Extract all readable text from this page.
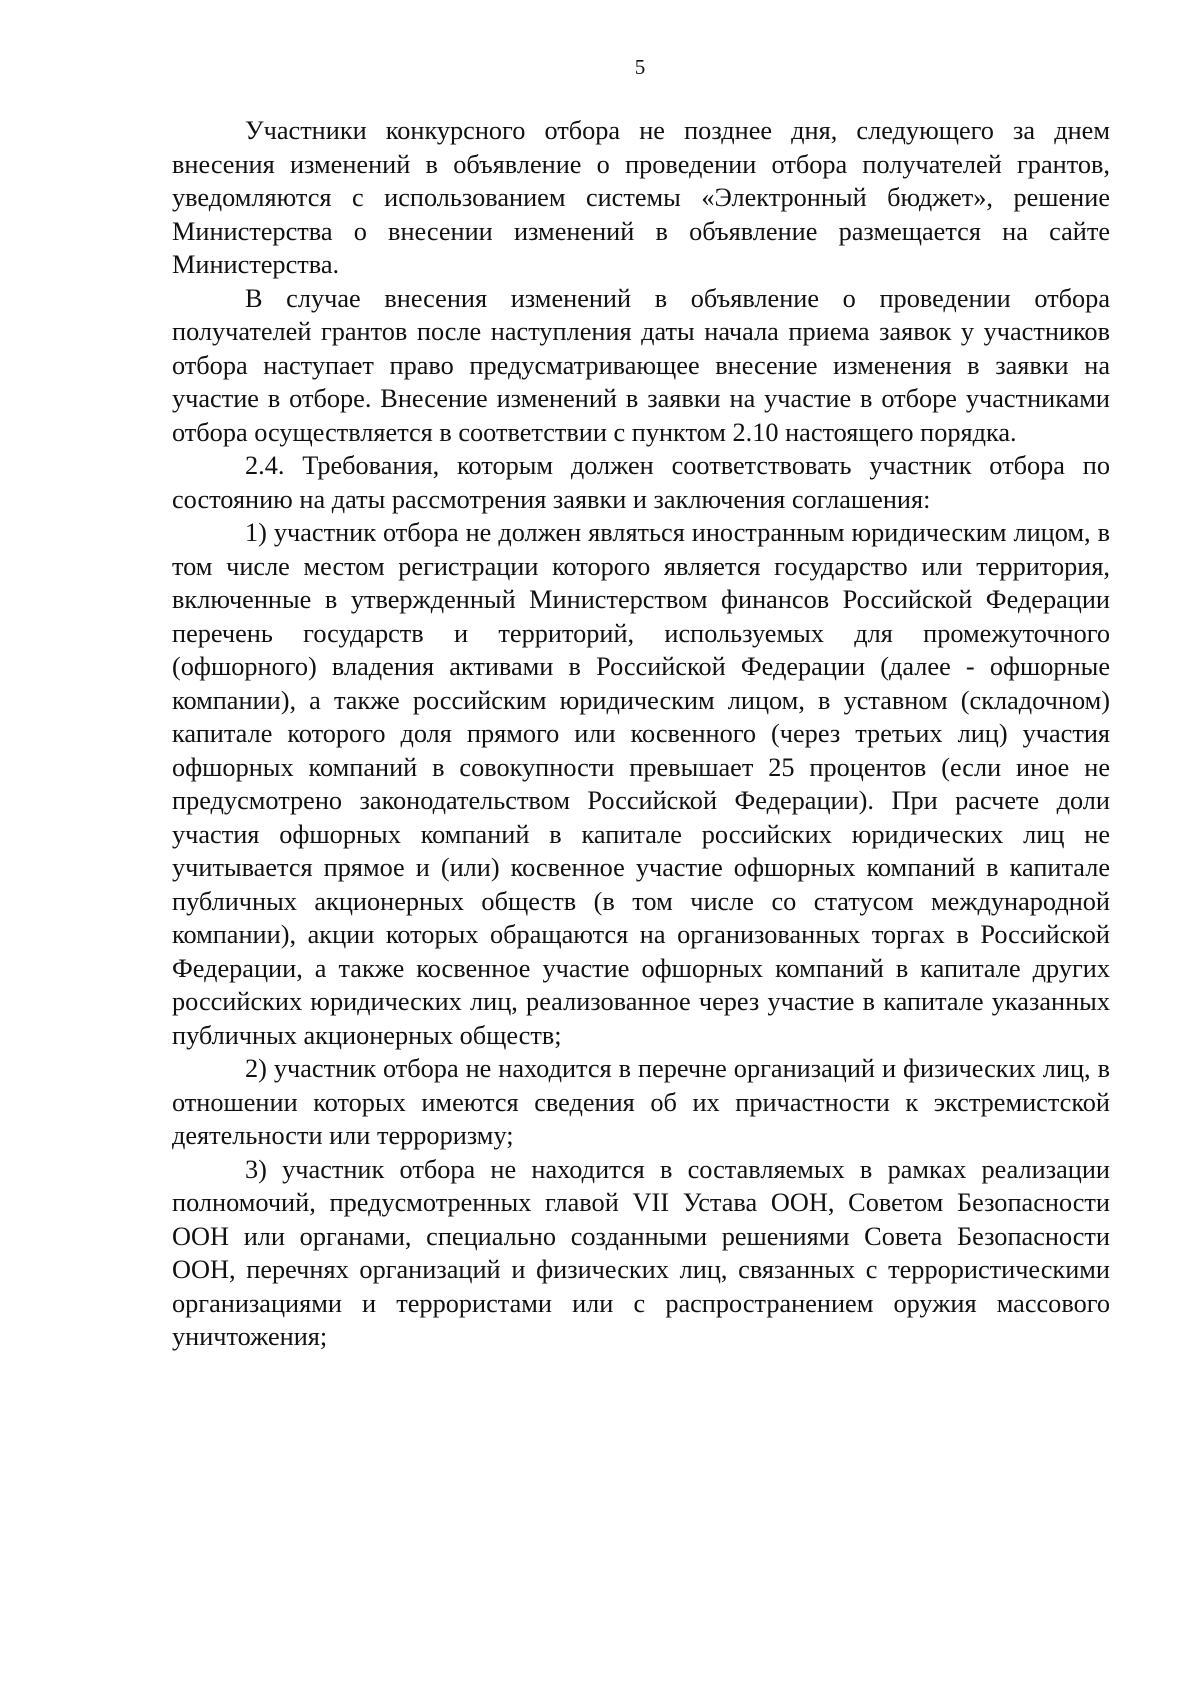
5

Участники конкурсного отбора не позднее дня, следующего за днем внесения изменений в объявление о проведении отбора получателей грантов, уведомляются с использованием системы «Электронный бюджет», решение Министерства о внесении изменений в объявление размещается на сайте Министерства.

В случае внесения изменений в объявление о проведении отбора получателей грантов после наступления даты начала приема заявок у участников отбора наступает право предусматривающее внесение изменения в заявки на участие в отборе. Внесение изменений в заявки на участие в отборе участниками отбора осуществляется в соответствии с пунктом 2.10 настоящего порядка.

2.4. Требования, которым должен соответствовать участник отбора по состоянию на даты рассмотрения заявки и заключения соглашения:

1) участник отбора не должен являться иностранным юридическим лицом, в том числе местом регистрации которого является государство или территория, включенные в утвержденный Министерством финансов Российской Федерации перечень государств и территорий, используемых для промежуточного (офшорного) владения активами в Российской Федерации (далее - офшорные компании), а также российским юридическим лицом, в уставном (складочном) капитале которого доля прямого или косвенного (через третьих лиц) участия офшорных компаний в совокупности превышает 25 процентов (если иное не предусмотрено законодательством Российской Федерации). При расчете доли участия офшорных компаний в капитале российских юридических лиц не учитывается прямое и (или) косвенное участие офшорных компаний в капитале публичных акционерных обществ (в том числе со статусом международной компании), акции которых обращаются на организованных торгах в Российской Федерации, а также косвенное участие офшорных компаний в капитале других российских юридических лиц, реализованное через участие в капитале указанных публичных акционерных обществ;

2) участник отбора не находится в перечне организаций и физических лиц, в отношении которых имеются сведения об их причастности к экстремистской деятельности или терроризму;

3) участник отбора не находится в составляемых в рамках реализации полномочий, предусмотренных главой VII Устава ООН, Советом Безопасности ООН или органами, специально созданными решениями Совета Безопасности ООН, перечнях организаций и физических лиц, связанных с террористическими организациями и террористами или с распространением оружия массового уничтожения;
